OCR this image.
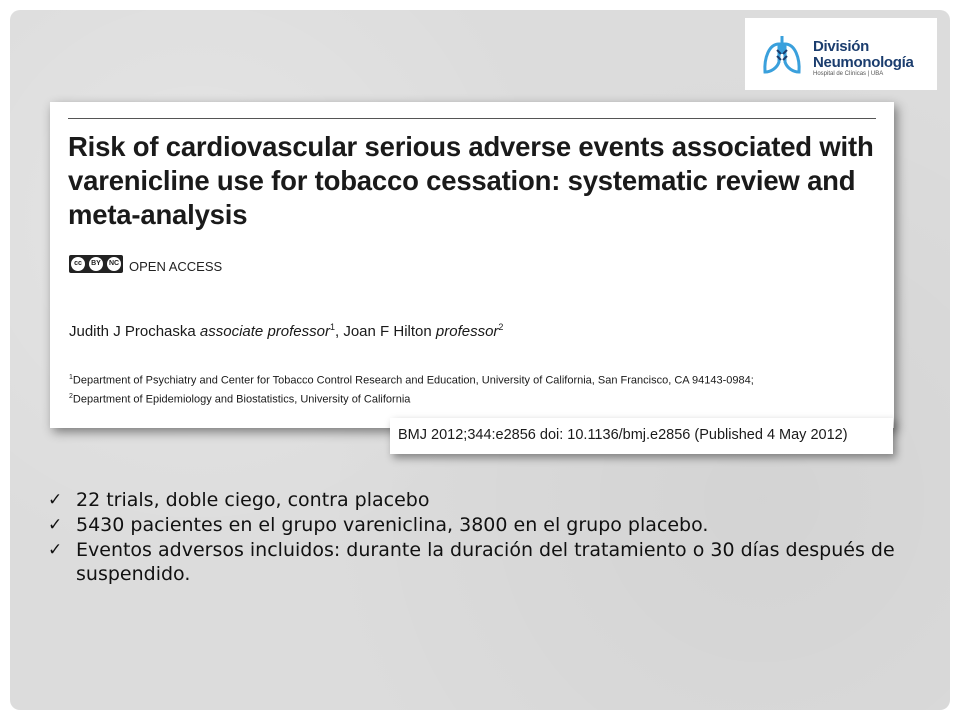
División
Neumonología
Hospital de Clínicas | UBA
Risk of cardiovascular serious adverse events associated with varenicline use for tobacco cessation: systematic review and meta-analysis
cc	BY	NC OPEN ACCESS
Judith J Prochaska associate professor$^1$, Joan F Hilton professor$^2$
$^1$Department of Psychiatry and Center for Tobacco Control Research and Education, University of California, San Francisco, CA 94143-0984;
$^2$Department of Epidemiology and Biostatistics, University of California
BMJ 2012;344:e2856 doi: 10.1136/bmj.e2856 (Published 4 May 2012)
✓ 22 trials, doble ciego, contra placebo
✓ 5430 pacientes en el grupo vareniclina, 3800 en el grupo placebo.
✓ Eventos adversos incluidos: durante la duración del tratamiento o 30 días después de suspendido.
